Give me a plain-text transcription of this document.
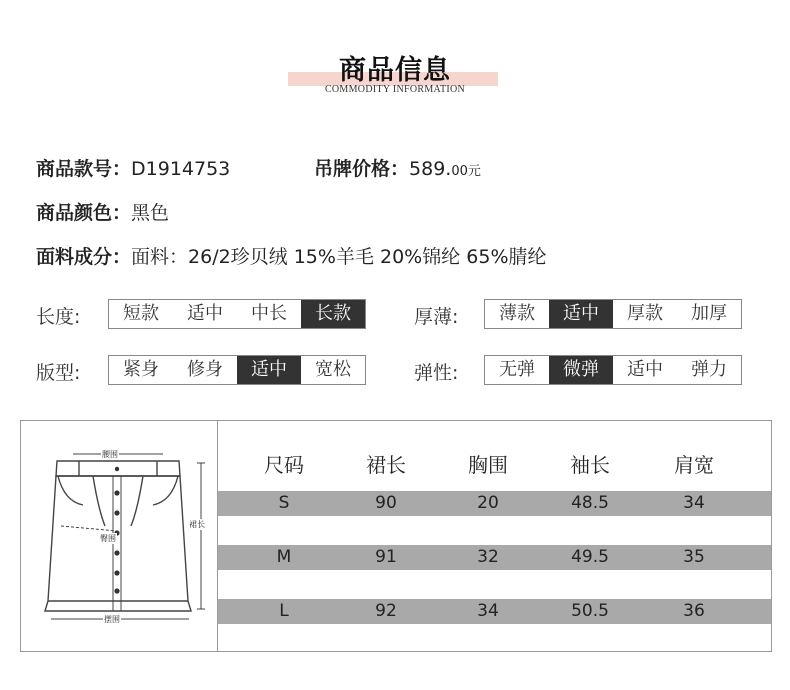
商品信息
COMMODITY INFORMATION
商品款号：D1914753	吊牌价格：589.00元
商品颜色：黑色
面料成分：面料：26/2珍贝绒 15%羊毛 20%锦纶 65%腈纶
长度:	短款	适中	中长	长款	厚薄:	薄款	适中	厚款	加厚
版型:	紧身	修身	适中	宽松	弹性:	无弹	微弹	适中	弹力
腰围
臀围
摆围
裙长
尺码	裙长	胸围	袖长	肩宽
S	90	20	48.5	34
M	91	32	49.5	35
L	92	34	50.5	36
